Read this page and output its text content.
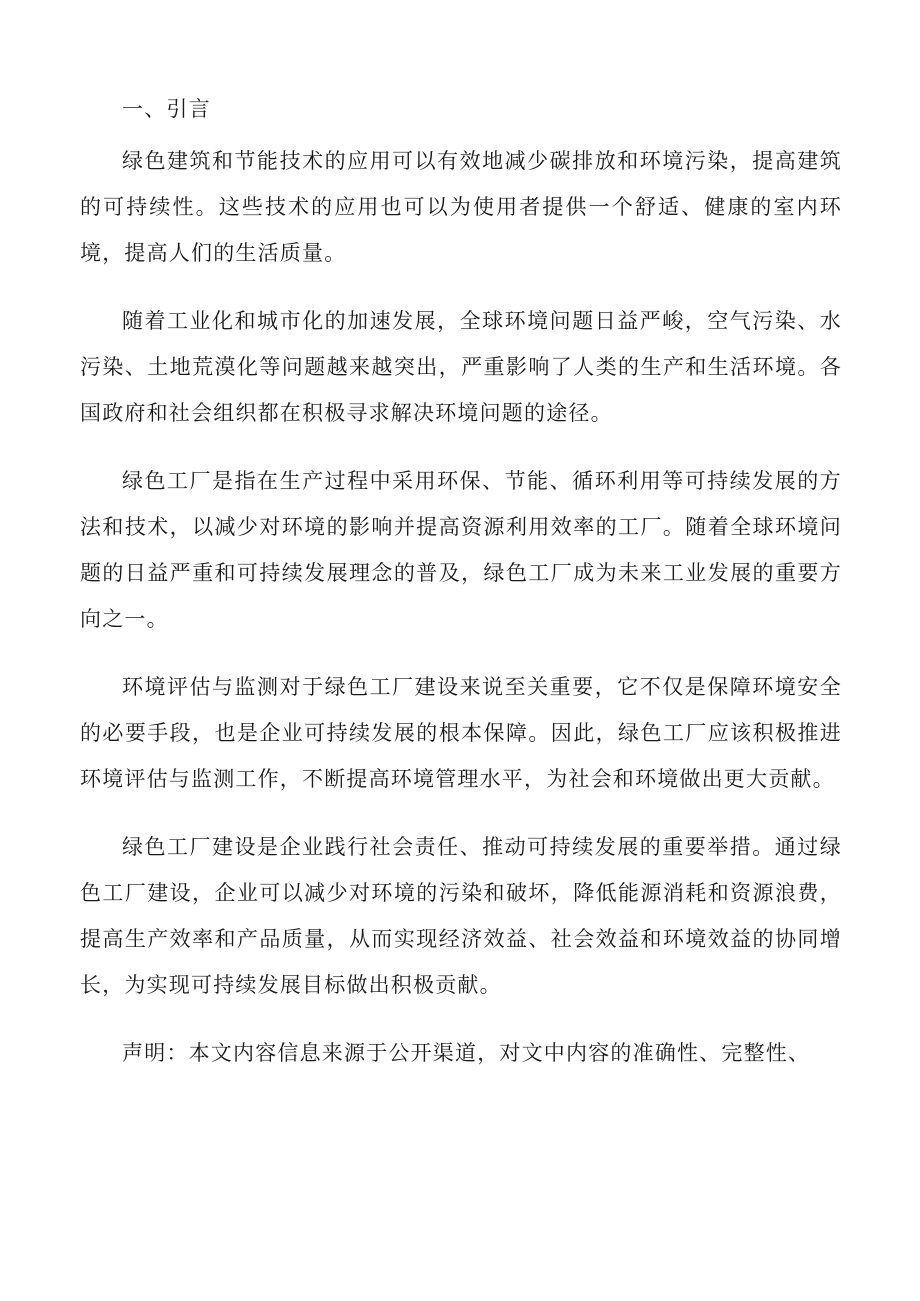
一、引言

绿色建筑和节能技术的应用可以有效地减少碳排放和环境污染，提高建筑的可持续性。这些技术的应用也可以为使用者提供一个舒适、健康的室内环境，提高人们的生活质量。

随着工业化和城市化的加速发展，全球环境问题日益严峻，空气污染、水污染、土地荒漠化等问题越来越突出，严重影响了人类的生产和生活环境。各国政府和社会组织都在积极寻求解决环境问题的途径。

绿色工厂是指在生产过程中采用环保、节能、循环利用等可持续发展的方法和技术，以减少对环境的影响并提高资源利用效率的工厂。随着全球环境问题的日益严重和可持续发展理念的普及，绿色工厂成为未来工业发展的重要方向之一。

环境评估与监测对于绿色工厂建设来说至关重要，它不仅是保障环境安全的必要手段，也是企业可持续发展的根本保障。因此，绿色工厂应该积极推进环境评估与监测工作，不断提高环境管理水平，为社会和环境做出更大贡献。

绿色工厂建设是企业践行社会责任、推动可持续发展的重要举措。通过绿色工厂建设，企业可以减少对环境的污染和破坏，降低能源消耗和资源浪费，提高生产效率和产品质量，从而实现经济效益、社会效益和环境效益的协同增长，为实现可持续发展目标做出积极贡献。

声明：本文内容信息来源于公开渠道，对文中内容的准确性、完整性、
